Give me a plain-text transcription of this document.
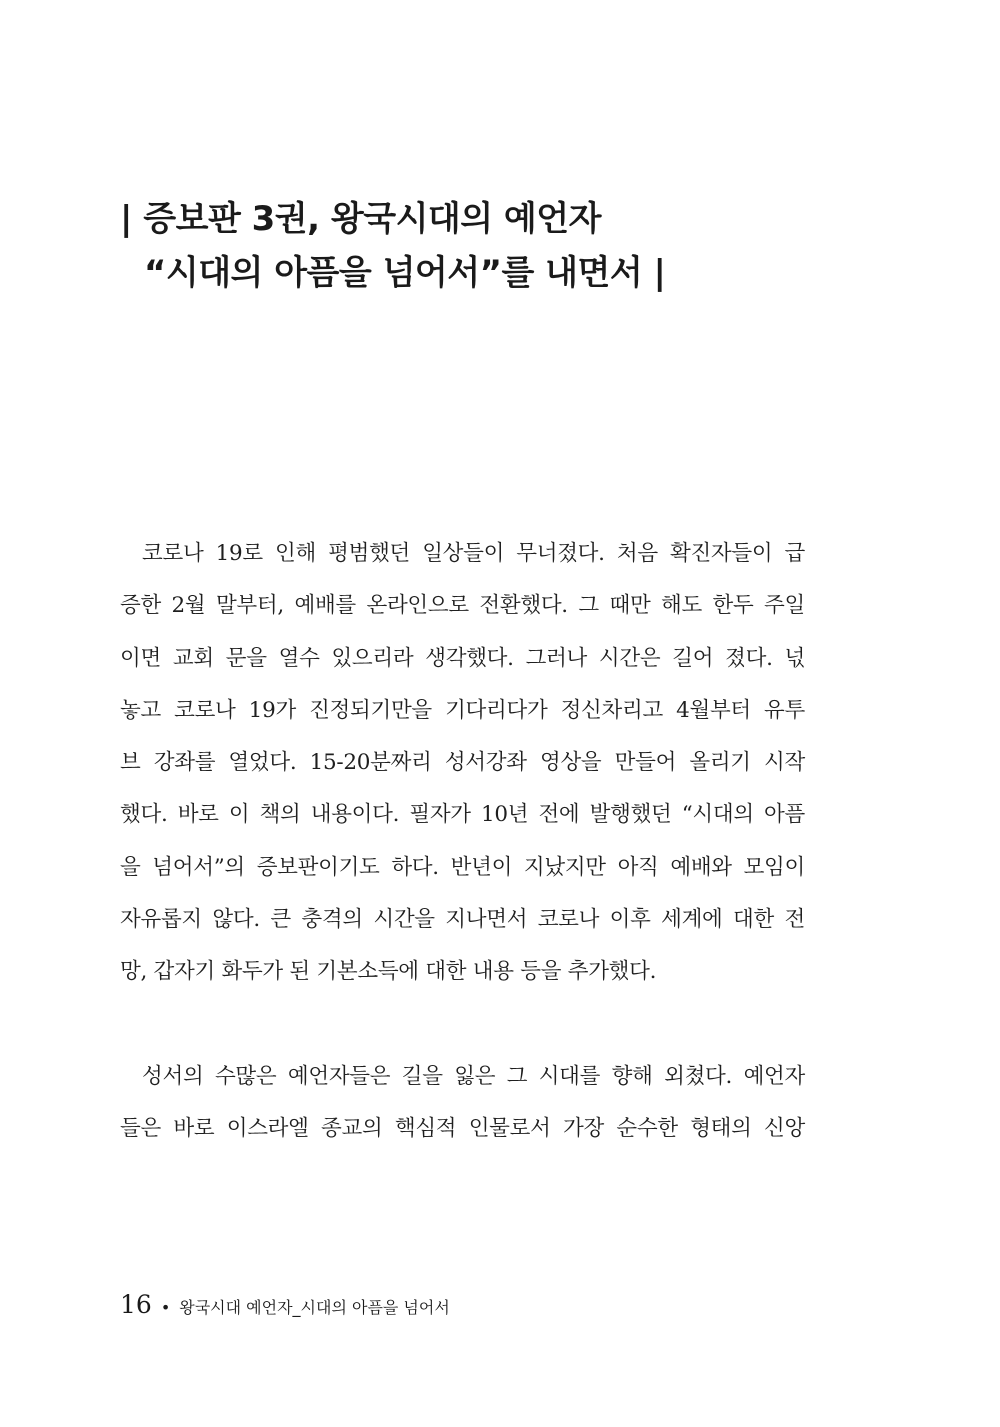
| 증보판 3권, 왕국시대의 예언자
“시대의 아픔을 넘어서”를 내면서 |

코로나 19로 인해 평범했던 일상들이 무너졌다. 처음 확진자들이 급
증한 2월 말부터, 예배를 온라인으로 전환했다. 그 때만 해도 한두 주일
이면 교회 문을 열수 있으리라 생각했다. 그러나 시간은 길어 졌다. 넋
놓고 코로나 19가 진정되기만을 기다리다가 정신차리고 4월부터 유투
브 강좌를 열었다. 15-20분짜리 성서강좌 영상을 만들어 올리기 시작
했다. 바로 이 책의 내용이다. 필자가 10년 전에 발행했던 “시대의 아픔
을 넘어서”의 증보판이기도 하다. 반년이 지났지만 아직 예배와 모임이
자유롭지 않다. 큰 충격의 시간을 지나면서 코로나 이후 세계에 대한 전
망, 갑자기 화두가 된 기본소득에 대한 내용 등을 추가했다.

성서의 수많은 예언자들은 길을 잃은 그 시대를 향해 외쳤다. 예언자
들은 바로 이스라엘 종교의 핵심적 인물로서 가장 순수한 형태의 신앙

16 • 왕국시대 예언자_시대의 아픔을 넘어서
